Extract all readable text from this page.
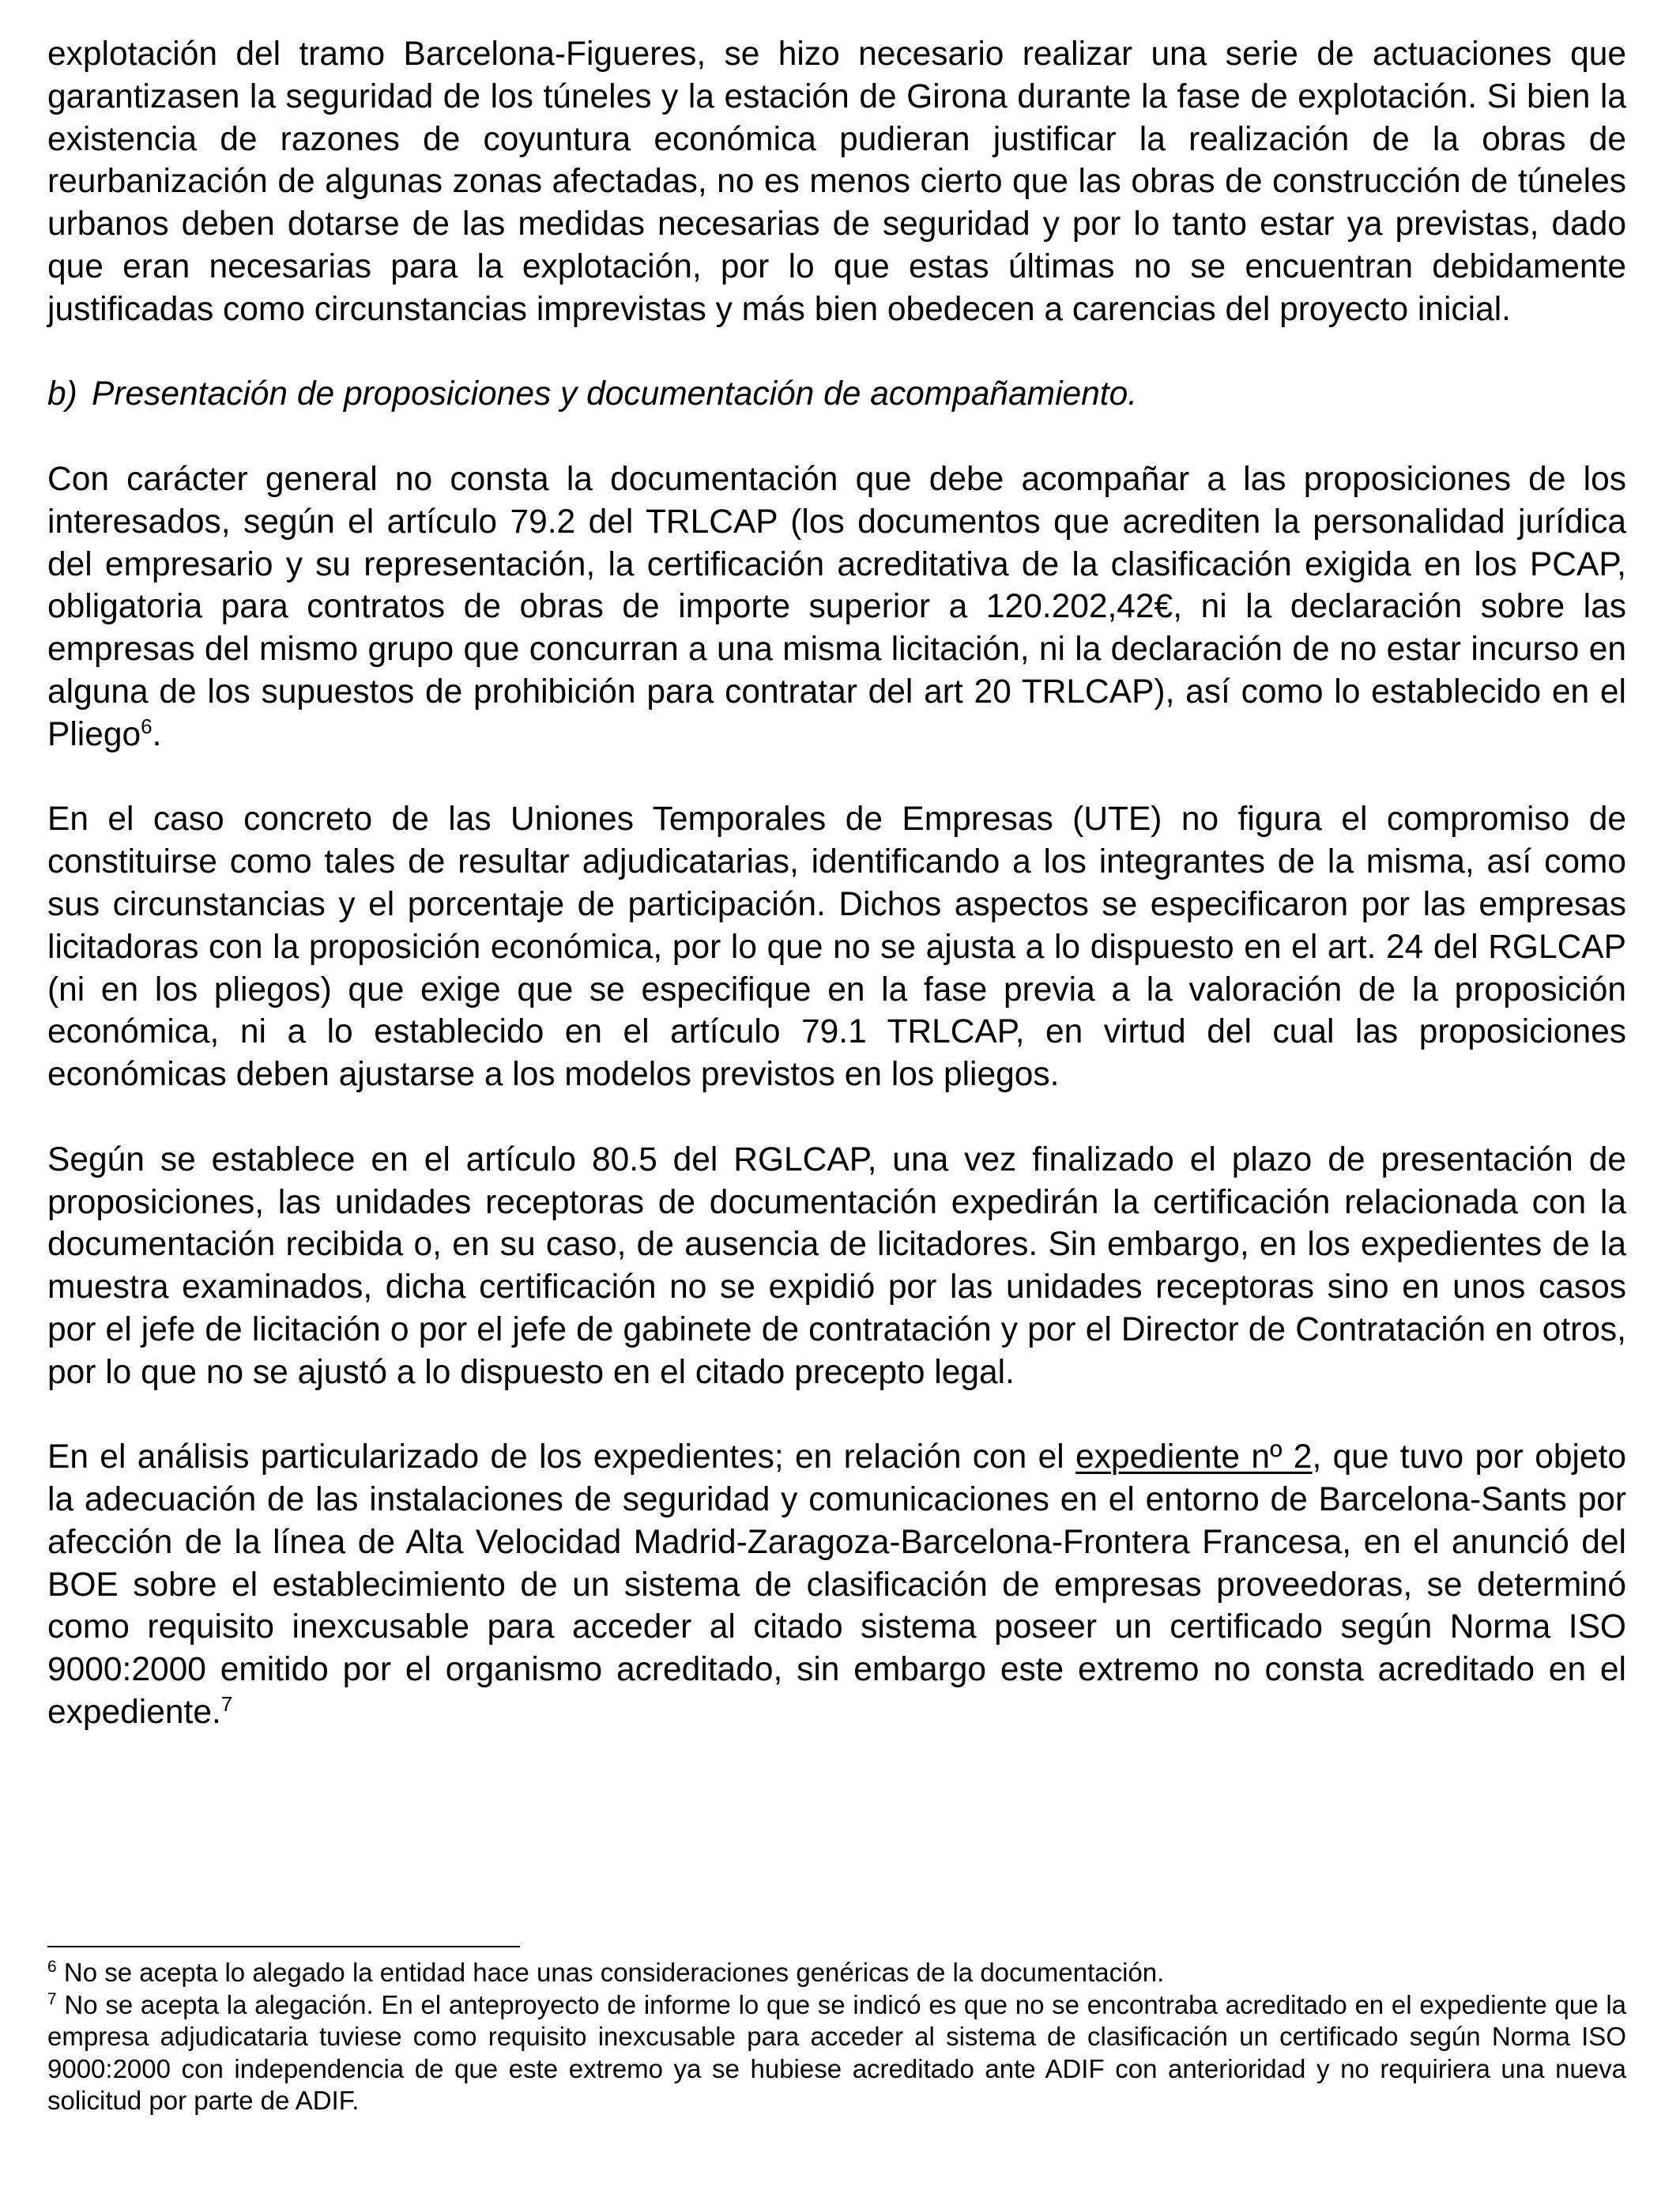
explotación del tramo Barcelona-Figueres, se hizo necesario realizar una serie de actuaciones que garantizasen la seguridad de los túneles y la estación de Girona durante la fase de explotación. Si bien la existencia de razones de coyuntura económica pudieran justificar la realización de la obras de reurbanización de algunas zonas afectadas, no es menos cierto que las obras de construcción de túneles urbanos deben dotarse de las medidas necesarias de seguridad y por lo tanto estar ya previstas, dado que eran necesarias para la explotación, por lo que estas últimas no se encuentran debidamente justificadas como circunstancias imprevistas y más bien obedecen a carencias del proyecto inicial.

b) Presentación de proposiciones y documentación de acompañamiento.

Con carácter general no consta la documentación que debe acompañar a las proposiciones de los interesados, según el artículo 79.2 del TRLCAP (los documentos que acrediten la personalidad jurídica del empresario y su representación, la certificación acreditativa de la clasificación exigida en los PCAP, obligatoria para contratos de obras de importe superior a 120.202,42€, ni la declaración sobre las empresas del mismo grupo que concurran a una misma licitación, ni la declaración de no estar incurso en alguna de los supuestos de prohibición para contratar del art 20 TRLCAP), así como lo establecido en el Pliego$^6$.

En el caso concreto de las Uniones Temporales de Empresas (UTE) no figura el compromiso de constituirse como tales de resultar adjudicatarias, identificando a los integrantes de la misma, así como sus circunstancias y el porcentaje de participación. Dichos aspectos se especificaron por las empresas licitadoras con la proposición económica, por lo que no se ajusta a lo dispuesto en el art. 24 del RGLCAP (ni en los pliegos) que exige que se especifique en la fase previa a la valoración de la proposición económica, ni a lo establecido en el artículo 79.1 TRLCAP, en virtud del cual las proposiciones económicas deben ajustarse a los modelos previstos en los pliegos.

Según se establece en el artículo 80.5 del RGLCAP, una vez finalizado el plazo de presentación de proposiciones, las unidades receptoras de documentación expedirán la certificación relacionada con la documentación recibida o, en su caso, de ausencia de licitadores. Sin embargo, en los expedientes de la muestra examinados, dicha certificación no se expidió por las unidades receptoras sino en unos casos por el jefe de licitación o por el jefe de gabinete de contratación y por el Director de Contratación en otros, por lo que no se ajustó a lo dispuesto en el citado precepto legal.

En el análisis particularizado de los expedientes; en relación con el expediente nº 2, que tuvo por objeto la adecuación de las instalaciones de seguridad y comunicaciones en el entorno de Barcelona-Sants por afección de la línea de Alta Velocidad Madrid-Zaragoza-Barcelona-Frontera Francesa, en el anunció del BOE sobre el establecimiento de un sistema de clasificación de empresas proveedoras, se determinó como requisito inexcusable para acceder al citado sistema poseer un certificado según Norma ISO 9000:2000 emitido por el organismo acreditado, sin embargo este extremo no consta acreditado en el expediente.$^7$

$^6$ No se acepta lo alegado la entidad hace unas consideraciones genéricas de la documentación.

$^7$ No se acepta la alegación. En el anteproyecto de informe lo que se indicó es que no se encontraba acreditado en el expediente que la empresa adjudicataria tuviese como requisito inexcusable para acceder al sistema de clasificación un certificado según Norma ISO 9000:2000 con independencia de que este extremo ya se hubiese acreditado ante ADIF con anterioridad y no requiriera una nueva solicitud por parte de ADIF.
